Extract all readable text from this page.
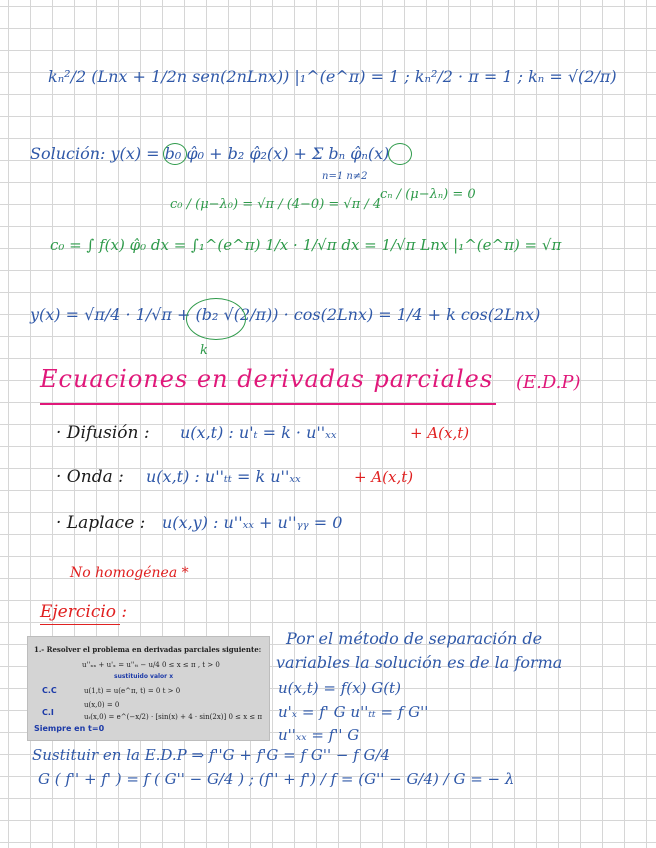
kₙ²/2 (Lnx + 1/2n sen(2nLnx)) |₁^(e^π) = 1 ; kₙ²/2 · π = 1 ; kₙ = √(2/π)
Solución: y(x) = b₀ φ̂₀ + b₂ φ̂₂(x) + Σ bₙ φ̂ₙ(x)
n=1 n≠2
c₀ / (μ−λ₀) = √π / (4−0) = √π / 4
cₙ / (μ−λₙ) = 0
c₀ = ∫ f(x) φ̂₀ dx = ∫₁^(e^π) 1/x · 1/√π dx = 1/√π Lnx |₁^(e^π) = √π
y(x) = √π/4 · 1/√π + (b₂ √(2/π)) · cos(2Lnx) = 1/4 + k cos(2Lnx)
k
Ecuaciones en derivadas parciales (E.D.P)
· Difusión : u(x,t) : u'ₜ = k · u''ₓₓ	+ A(x,t)
· Onda : u(x,t) : u''ₜₜ = k u''ₓₓ	+ A(x,t)
· Laplace : u(x,y) : u''ₓₓ + u''ᵧᵧ = 0
No homogénea *
Ejercicio :
1.- Resolver el problema en derivadas parciales siguiente:
u''ₓₓ + u'ₓ = u''ₜₜ − u/4 0 ≤ x ≤ π , t > 0
sustituido valor x
C.C	u(1,t) = u(e^π, t) = 0 t > 0
u(x,0) = 0
C.I	uₜ(x,0) = e^(−x/2) · [sin(x) + 4 · sin(2x)] 0 ≤ x ≤ π
Siempre en t=0
Por el método de separación de
variables la solución es de la forma
u(x,t) = f(x) G(t)
u'ₓ = f' G u''ₜₜ = f G''
u''ₓₓ = f'' G
Sustituir en la E.D.P ⇒ f''G + f'G = f G'' − f G/4
G ( f'' + f' ) = f ( G'' − G/4 ) ; (f'' + f') / f = (G'' − G/4) / G = − λ
